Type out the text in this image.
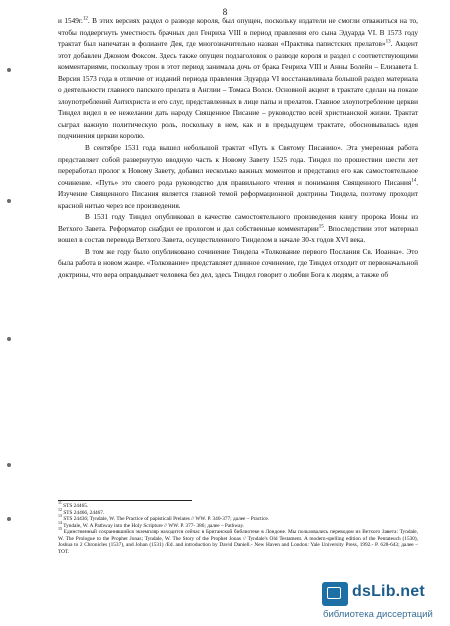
8

и 1549г.$^{12}$. В этих версиях раздел о разводе короля, был опущен, поскольку издатели не смогли отважиться на то, чтобы подвергнуть уместность брачных дел Генриха VIII в период правления его сына Эдуарда VI. В 1573 году трактат был напечатан в фолианте Дея, где многозначительно назван «Практика папистских прелатов»$^{13}$. Акцент этот добавлен Джоном Фоксом. Здесь также опущен подзаголовок о разводе короля и раздел с соответствующими комментариями, поскольку трон в этот период занимала дочь от брака Генриха VIII и Анны Болейн – Елизавета I. Версия 1573 года в отличие от изданий периода правления Эдуарда VI восстанавливала большой раздел материала о деятельности главного папского прелата в Англии – Томаса Волси. Основной акцент в трактате сделан на показе злоупотреблений Антихриста и его слуг, представленных в лице папы и прелатов. Главное злоупотребление церкви Тиндел видел в ее нежелании дать народу Священное Писание – руководство всей христианской жизни. Трактат сыграл важную политическую роль, поскольку в нем, как и в предыдущем трактате, обосновывалась идея подчинения церкви королю.

В сентябре 1531 года вышел небольшой трактат «Путь к Святому Писанию». Эта умеренная работа представляет собой развернутую вводную часть к Новому Завету 1525 года. Тиндел по прошествии шести лет переработал пролог к Новому Завету, добавил несколько важных моментов и представил его как самостоятельное сочинение. «Путь» это своего рода руководство для правильного чтения и понимания Священного Писания$^{14}$. Изучение Священного Писания является главной темой реформационной доктрины Тиндела, поэтому проходит красной нитью через все произведения.

В 1531 году Тиндел опубликовал в качестве самостоятельного произведения книгу пророка Ионы из Ветхого Завета. Реформатор снабдил ее прологом и дал собственные комментарии$^{15}$. Впоследствии этот материал вошел в состав перевода Ветхого Завета, осуществленного Тинделом в начале 30-х годов XVI века.

В том же году было опубликовано сочинение Тиндела «Толкование первого Послания Св. Иоанна». Это была работа в новом жанре. «Толкование» представляет длинное сочинение, где Тиндел отходит от первоначальной доктрины, что вера оправдывает человека без дел, здесь Тиндел говорит о любви Бога к людям, а также об

$^{11}$ STS 24465.
$^{12}$ STS 24466, 24467.
$^{13}$ STS 24436; Tyndale, W. The Practice of papisticall Prelates // WW. P. 340-377; далее – Practice.
$^{14}$ Tyndale, W. A Pathway into the Holy Scripture // WW. P. 377- 386; далее – Pathway.
$^{15}$ Единственный сохранившийся экземпляр находится сейчас в Британской библиотеке в Лондоне. Мы пользовались переводом из Ветхого Завета: Tyndale, W. The Prologue to the Prophet Jonas; Tyndale, W. The Story of the Prophet Jonas // Tyndale's Old Testament. A modern-spelling edition of the Pentateuch (1530), Joshua to 2 Chronicles (1537), and Johan (1531) /Ed. and introduction by David Daniell.- New Haven and London: Yale University Press, 1992.- P. 628-643; далее – TOT.
dsLib.net
библиотека диссертаций
